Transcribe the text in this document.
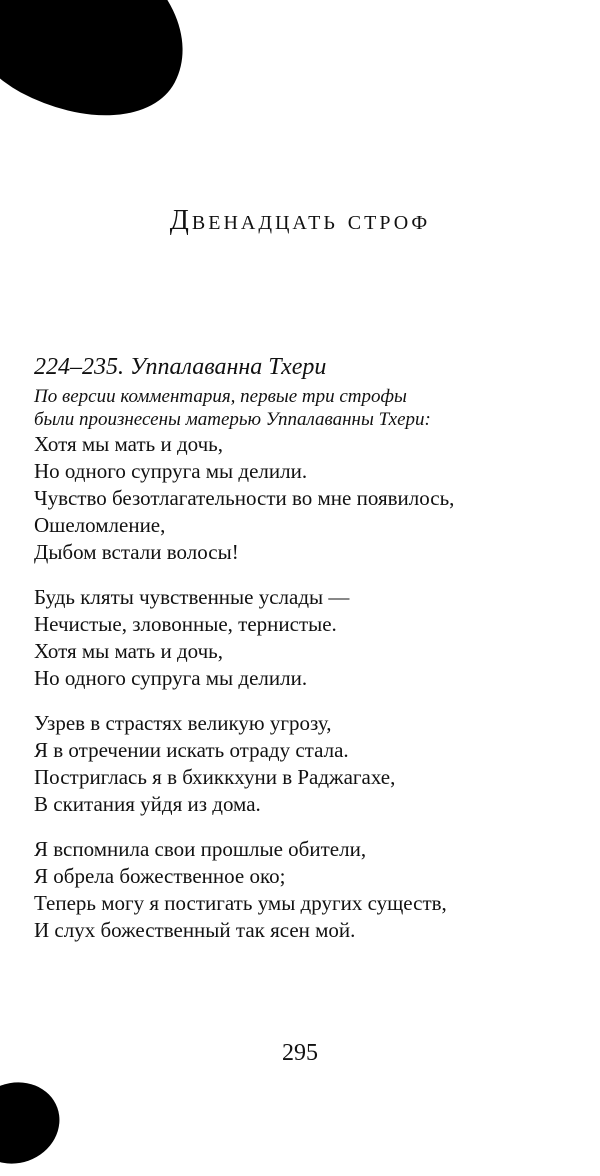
Двенадцать строф
224–235. Уппалаванна Тхери
По версии комментария, первые три строфы
были произнесены матерью Уппалаванны Тхери:
Хотя мы мать и дочь,
Но одного супруга мы делили.
Чувство безотлагательности во мне появилось,
Ошеломление,
Дыбом встали волосы!
Будь кляты чувственные услады —
Нечистые, зловонные, тернистые.
Хотя мы мать и дочь,
Но одного супруга мы делили.
Узрев в страстях великую угрозу,
Я в отречении искать отраду стала.
Постриглась я в бхиккхуни в Раджагахе,
В скитания уйдя из дома.
Я вспомнила свои прошлые обители,
Я обрела божественное око;
Теперь могу я постигать умы других существ,
И слух божественный так ясен мой.
295
